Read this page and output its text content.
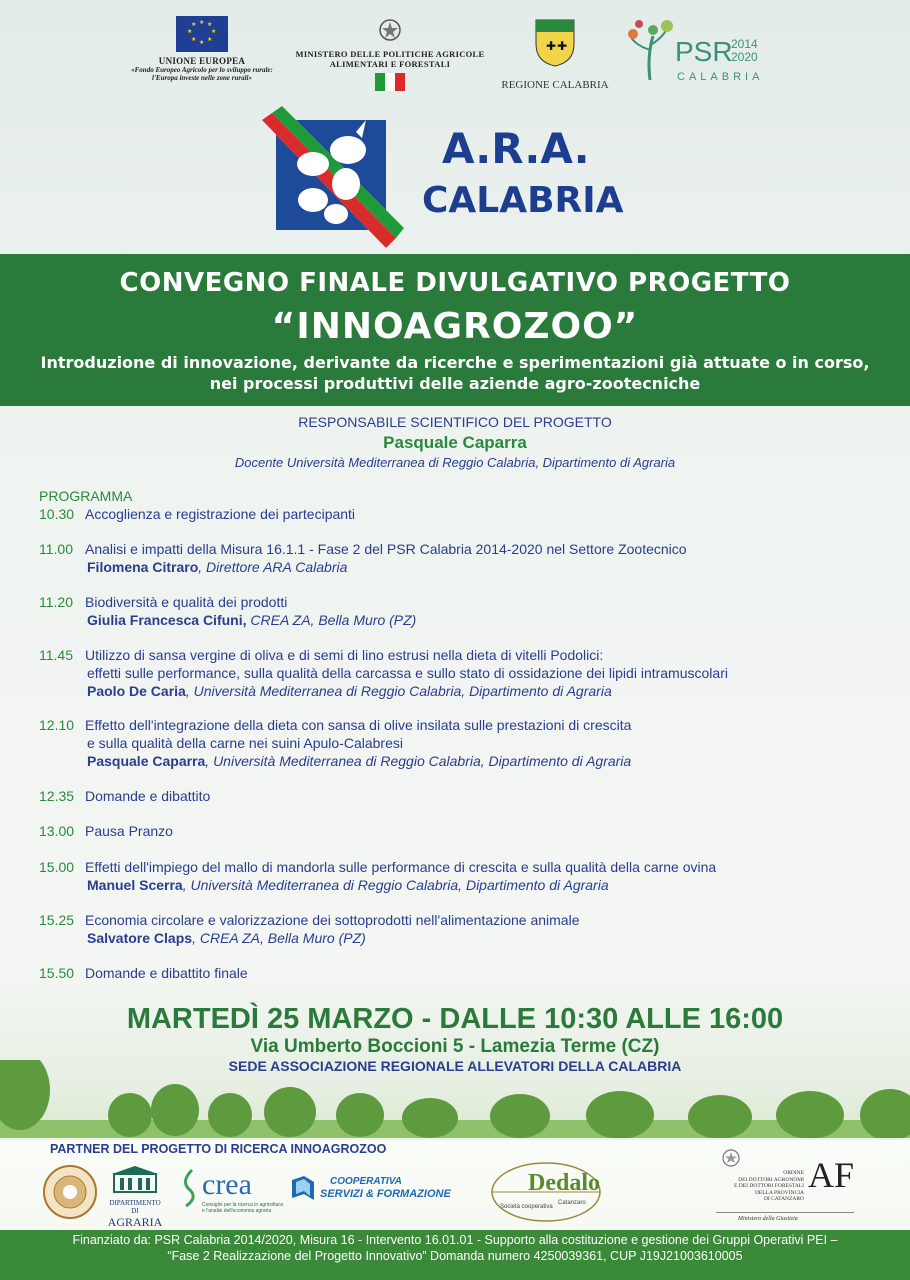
★ ★
★
★
★
★
★
★
UNIONE EUROPEA
«Fondo Europeo Agricolo per lo sviluppo rurale:
l'Europa investe nelle zone rurali»
MINISTERO DELLE POLITICHE AGRICOLE
ALIMENTARI E FORESTALI
✚ ✚
REGIONE CALABRIA
PSR
2014
2020
CALABRIA
A.R.A.
CALABRIA
CONVEGNO FINALE DIVULGATIVO PROGETTO
“INNOAGROZOO”
Introduzione di innovazione, derivante da ricerche e sperimentazioni già attuate o in corso,
nei processi produttivi delle aziende agro-zootecniche
RESPONSABILE SCIENTIFICO DEL PROGETTO
Pasquale Caparra
Docente Università Mediterranea di Reggio Calabria, Dipartimento di Agraria
PROGRAMMA
10.30 Accoglienza e registrazione dei partecipanti
11.00 Analisi e impatti della Misura 16.1.1 - Fase 2 del PSR Calabria 2014-2020 nel Settore Zootecnico
Filomena Citraro, Direttore ARA Calabria
11.20 Biodiversità e qualità dei prodotti
Giulia Francesca Cifuni, CREA ZA, Bella Muro (PZ)
11.45 Utilizzo di sansa vergine di oliva e di semi di lino estrusi nella dieta di vitelli Podolici:
effetti sulle performance, sulla qualità della carcassa e sullo stato di ossidazione dei lipidi intramuscolari
Paolo De Caria, Università Mediterranea di Reggio Calabria, Dipartimento di Agraria
12.10 Effetto dell'integrazione della dieta con sansa di olive insilata sulle prestazioni di crescita
e sulla qualità della carne nei suini Apulo-Calabresi
Pasquale Caparra, Università Mediterranea di Reggio Calabria, Dipartimento di Agraria
12.35 Domande e dibattito
13.00 Pausa Pranzo
15.00 Effetti dell'impiego del mallo di mandorla sulle performance di crescita e sulla qualità della carne ovina
Manuel Scerra, Università Mediterranea di Reggio Calabria, Dipartimento di Agraria
15.25 Economia circolare e valorizzazione dei sottoprodotti nell'alimentazione animale
Salvatore Claps, CREA ZA, Bella Muro (PZ)
15.50 Domande e dibattito finale
MARTEDÌ 25 MARZO - DALLE 10:30 ALLE 16:00
Via Umberto Boccioni 5 - Lamezia Terme (CZ)
SEDE ASSOCIAZIONE REGIONALE ALLEVATORI DELLA CALABRIA
PARTNER DEL PROGETTO DI RICERCA INNOAGROZOO
DIPARTIMENTO DI
AGRARIA
crea
Consiglio per la ricerca in agricoltura
e l'analisi dell'economia agraria
COOPERATIVA
SERVIZI & FORMAZIONE	Dedalo
Società cooperativa
Catanzaro
ORDINE
DEI DOTTORI AGRONOMI
E DEI DOTTORI FORESTALI
DELLA PROVINCIA
DI CATANZARO
AF
Ministero della Giustizia
Finanziato da: PSR Calabria 2014/2020, Misura 16 - Intervento 16.01.01 - Supporto alla costituzione e gestione dei Gruppi Operativi PEI –
“Fase 2 Realizzazione del Progetto Innovativo” Domanda numero 4250039361, CUP J19J21003610005
